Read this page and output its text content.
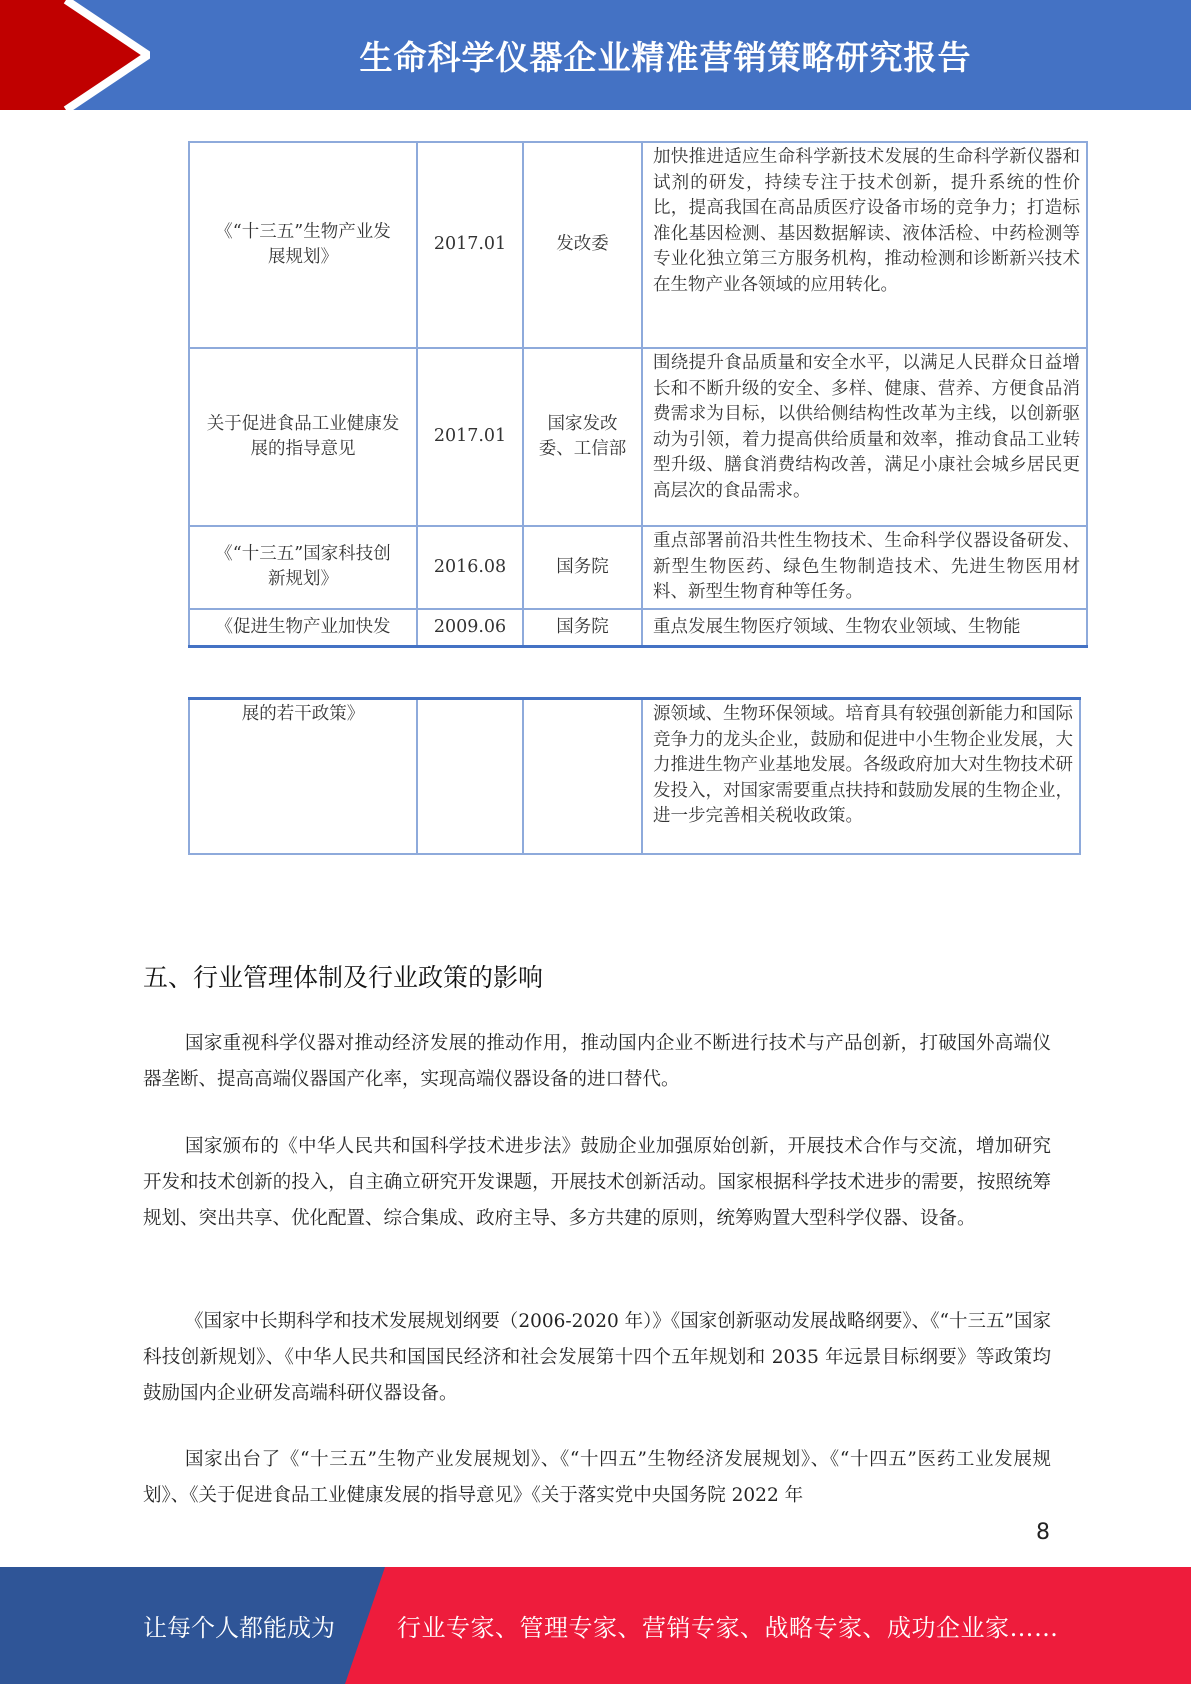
生命科学仪器企业精准营销策略研究报告
《“十三五”生物产业发展规划》	2017.01	发改委	加快推进适应生命科学新技术发展的生命科学新仪器和试剂的研发，持续专注于技术创新，提升系统的性价比，提高我国在高品质医疗设备市场的竞争力；打造标准化基因检测、基因数据解读、液体活检、中药检测等专业化独立第三方服务机构，推动检测和诊断新兴技术在生物产业各领域的应用转化。
关于促进食品工业健康发展的指导意见	2017.01	国家发改委、工信部	围绕提升食品质量和安全水平，以满足人民群众日益增长和不断升级的安全、多样、健康、营养、方便食品消费需求为目标，以供给侧结构性改革为主线，以创新驱动为引领，着力提高供给质量和效率，推动食品工业转型升级、膳食消费结构改善，满足小康社会城乡居民更高层次的食品需求。
《“十三五”国家科技创新规划》	2016.08	国务院	重点部署前沿共性生物技术、生命科学仪器设备研发、新型生物医药、绿色生物制造技术、先进生物医用材料、新型生物育种等任务。
《促进生物产业加快发	2009.06	国务院	重点发展生物医疗领域、生物农业领域、生物能
展的若干政策》			源领域、生物环保领域。培育具有较强创新能力和国际竞争力的龙头企业，鼓励和促进中小生物企业发展，大力推进生物产业基地发展。各级政府加大对生物技术研发投入，对国家需要重点扶持和鼓励发展的生物企业，进一步完善相关税收政策。
五、行业管理体制及行业政策的影响

国家重视科学仪器对推动经济发展的推动作用，推动国内企业不断进行技术与产品创新，打破国外高端仪器垄断、提高高端仪器国产化率，实现高端仪器设备的进口替代。

国家颁布的《中华人民共和国科学技术进步法》鼓励企业加强原始创新，开展技术合作与交流，增加研究开发和技术创新的投入，自主确立研究开发课题，开展技术创新活动。国家根据科学技术进步的需要，按照统筹规划、突出共享、优化配置、综合集成、政府主导、多方共建的原则，统筹购置大型科学仪器、设备。

《国家中长期科学和技术发展规划纲要（2006-2020 年）》《国家创新驱动发展战略纲要》、《“十三五”国家科技创新规划》、《中华人民共和国国民经济和社会发展第十四个五年规划和 2035 年远景目标纲要》等政策均鼓励国内企业研发高端科研仪器设备。

国家出台了《“十三五”生物产业发展规划》、《“十四五”生物经济发展规划》、《“十四五”医药工业发展规划》、《关于促进食品工业健康发展的指导意见》《关于落实党中央国务院 2022 年

8
让每个人都能成为	行业专家、管理专家、营销专家、战略专家、成功企业家……
